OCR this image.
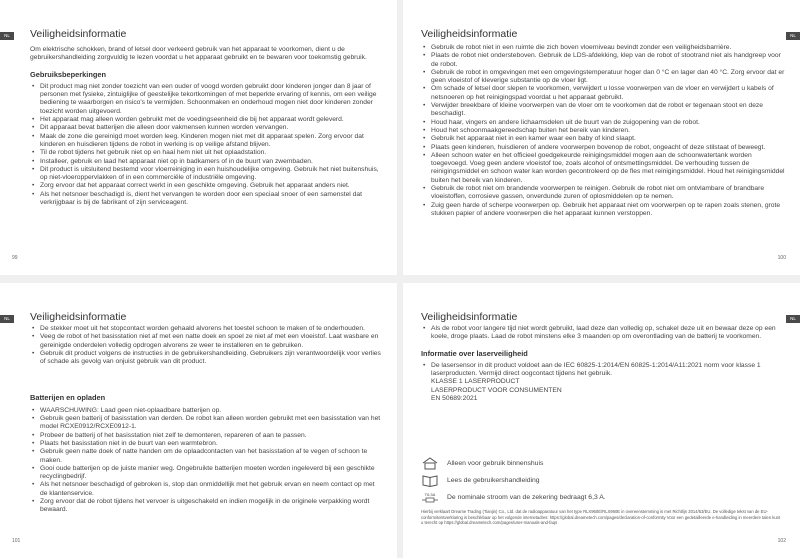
NL	Veiligheidsinformatie

Om elektrische schokken, brand of letsel door verkeerd gebruik van het apparaat te voorkomen, dient u de gebruikershandleiding zorgvuldig te lezen voordat u het apparaat gebruikt en te bewaren voor toekomstig gebruik.

Gebruiksbeperkingen
• Dit product mag niet zonder toezicht van een ouder of voogd worden gebruikt door kinderen jonger dan 8 jaar of personen met fysieke, zintuiglijke of geestelijke tekortkomingen of met beperkte ervaring of kennis, om een veilige bediening te waarborgen en risico's te vermijden. Schoonmaken en onderhoud mogen niet door kinderen zonder toezicht worden uitgevoerd.
• Het apparaat mag alleen worden gebruikt met de voedingseenheid die bij het apparaat wordt geleverd.
• Dit apparaat bevat batterijen die alleen door vakmensen kunnen worden vervangen.
• Maak de zone die gereinigd moet worden leeg. Kinderen mogen niet met dit apparaat spelen. Zorg ervoor dat kinderen en huisdieren tijdens de robot in werking is op veilige afstand blijven.
• Til de robot tijdens het gebruik niet op en haal hem niet uit het oplaadstation.
• Installeer, gebruik en laad het apparaat niet op in badkamers of in de buurt van zwembaden.
• Dit product is uitsluitend bestemd voor vloerreiniging in een huishoudelijke omgeving. Gebruik het niet buitenshuis, op niet-vloeroppervlakken of in een commerciële of industriële omgeving.
• Zorg ervoor dat het apparaat correct werkt in een geschikte omgeving. Gebruik het apparaat anders niet.
• Als het netsnoer beschadigd is, dient het vervangen te worden door een speciaal snoer of een samenstel dat verkrijgbaar is bij de fabrikant of zijn serviceagent.
99
NL
Veiligheidsinformatie
• Gebruik de robot niet in een ruimte die zich boven vloerniveau bevindt zonder een veiligheidsbarrière.
• Plaats de robot niet ondersteboven. Gebruik de LDS-afdekking, klep van de robot of stootrand niet als handgreep voor de robot.
• Gebruik de robot in omgevingen met een omgevingstemperatuur hoger dan 0 °C en lager dan 40 °C. Zorg ervoor dat er geen vloeistof of kleverige substantie op de vloer ligt.
• Om schade of letsel door slepen te voorkomen, verwijdert u losse voorwerpen van de vloer en verwijdert u kabels of netsnoeren op het reinigingspad voordat u het apparaat gebruikt.
• Verwijder breekbare of kleine voorwerpen van de vloer om te voorkomen dat de robot er tegenaan stoot en deze beschadigt.
• Houd haar, vingers en andere lichaamsdelen uit de buurt van de zuigopening van de robot.
• Houd het schoonmaakgereedschap buiten het bereik van kinderen.
• Gebruik het apparaat niet in een kamer waar een baby of kind slaapt.
• Plaats geen kinderen, huisdieren of andere voorwerpen bovenop de robot, ongeacht of deze stilstaat of beweegt.
• Alleen schoon water en het officieel goedgekeurde reinigingsmiddel mogen aan de schoonwatertank worden toegevoegd. Voeg geen andere vloeistof toe, zoals alcohol of ontsmettingsmiddel. De verhouding tussen de reinigingsmiddel en schoon water kan worden gecontroleerd op de fles met reinigingsmiddel. Houd het reinigingsmiddel buiten het bereik van kinderen.
• Gebruik de robot niet om brandende voorwerpen te reinigen. Gebruik de robot niet om ontvlambare of brandbare vloeistoffen, corrosieve gassen, onverdunde zuren of oplosmiddelen op te nemen.
• Zuig geen harde of scherpe voorwerpen op. Gebruik het apparaat niet om voorwerpen op te rapen zoals stenen, grote stukken papier of andere voorwerpen die het apparaat kunnen verstoppen.
100
NL	Veiligheidsinformatie
• De stekker moet uit het stopcontact worden gehaald alvorens het toestel schoon te maken of te onderhouden.
• Veeg de robot of het basisstation niet af met een natte doek en spoel ze niet af met een vloeistof. Laat wasbare en gereinigde onderdelen volledig opdrogen alvorens ze weer te installeren en te gebruiken.
• Gebruik dit product volgens de instructies in de gebruikershandleiding. Gebruikers zijn verantwoordelijk voor verlies of schade als gevolg van onjuist gebruik van dit product.
Batterijen en opladen
• WAARSCHUWING: Laad geen niet-oplaadbare batterijen op.
• Gebruik geen batterij of basisstation van derden. De robot kan alleen worden gebruikt met een basisstation van het model RCXE0912/RCXE0912-1.
• Probeer de batterij of het basisstation niet zelf te demonteren, repareren of aan te passen.
• Plaats het basisstation niet in de buurt van een warmtebron.
• Gebruik geen natte doek of natte handen om de oplaadcontacten van het basisstation af te vegen of schoon te maken.
• Gooi oude batterijen op de juiste manier weg. Ongebruikte batterijen moeten worden ingeleverd bij een geschikte recyclingbedrijf.
• Als het netsnoer beschadigd of gebroken is, stop dan onmiddellijk met het gebruik ervan en neem contact op met de klantenservice.
• Zorg ervoor dat de robot tijdens het vervoer is uitgeschakeld en indien mogelijk in de originele verpakking wordt bewaard.
101
NL
Veiligheidsinformatie
• Als de robot voor langere tijd niet wordt gebruikt, laad deze dan volledig op, schakel deze uit en bewaar deze op een koele, droge plaats. Laad de robot minstens elke 3 maanden op om overontlading van de batterij te voorkomen.
Informatie over laserveiligheid
• De lasersensor in dit product voldoet aan de IEC 60825-1:2014/EN 60825-1:2014/A11:2021 norm voor klasse 1 laserproducten. Vermijd direct oogcontact tijdens het gebruik.
KLASSE 1 LASERPRODUCT
LASERPRODUCT VOOR CONSUMENTEN
EN 50689:2021
Alleen voor gebruik binnenshuis
Lees de gebruikershandleiding
T6,3A De nominale stroom van de zekering bedraagt 6,3 A.
Hierbij verklaart Dreame Trading (Tianjin) Co., Ltd. dat de radioapparatuur van het type RLX960E/RLX960E in overeenstemming is met Richtlijn 2014/53/EU. De volledige tekst van de EU-conformiteitsverklaring is beschikbaar op het volgende internetadres: https://global.dreametech.com/pages/declaration-of-conformity Voor een gedetailleerde e-handleiding in meerdere talen kunt u terecht op https://global.dreametech.com/pages/user-manuals-and-faqs
102
